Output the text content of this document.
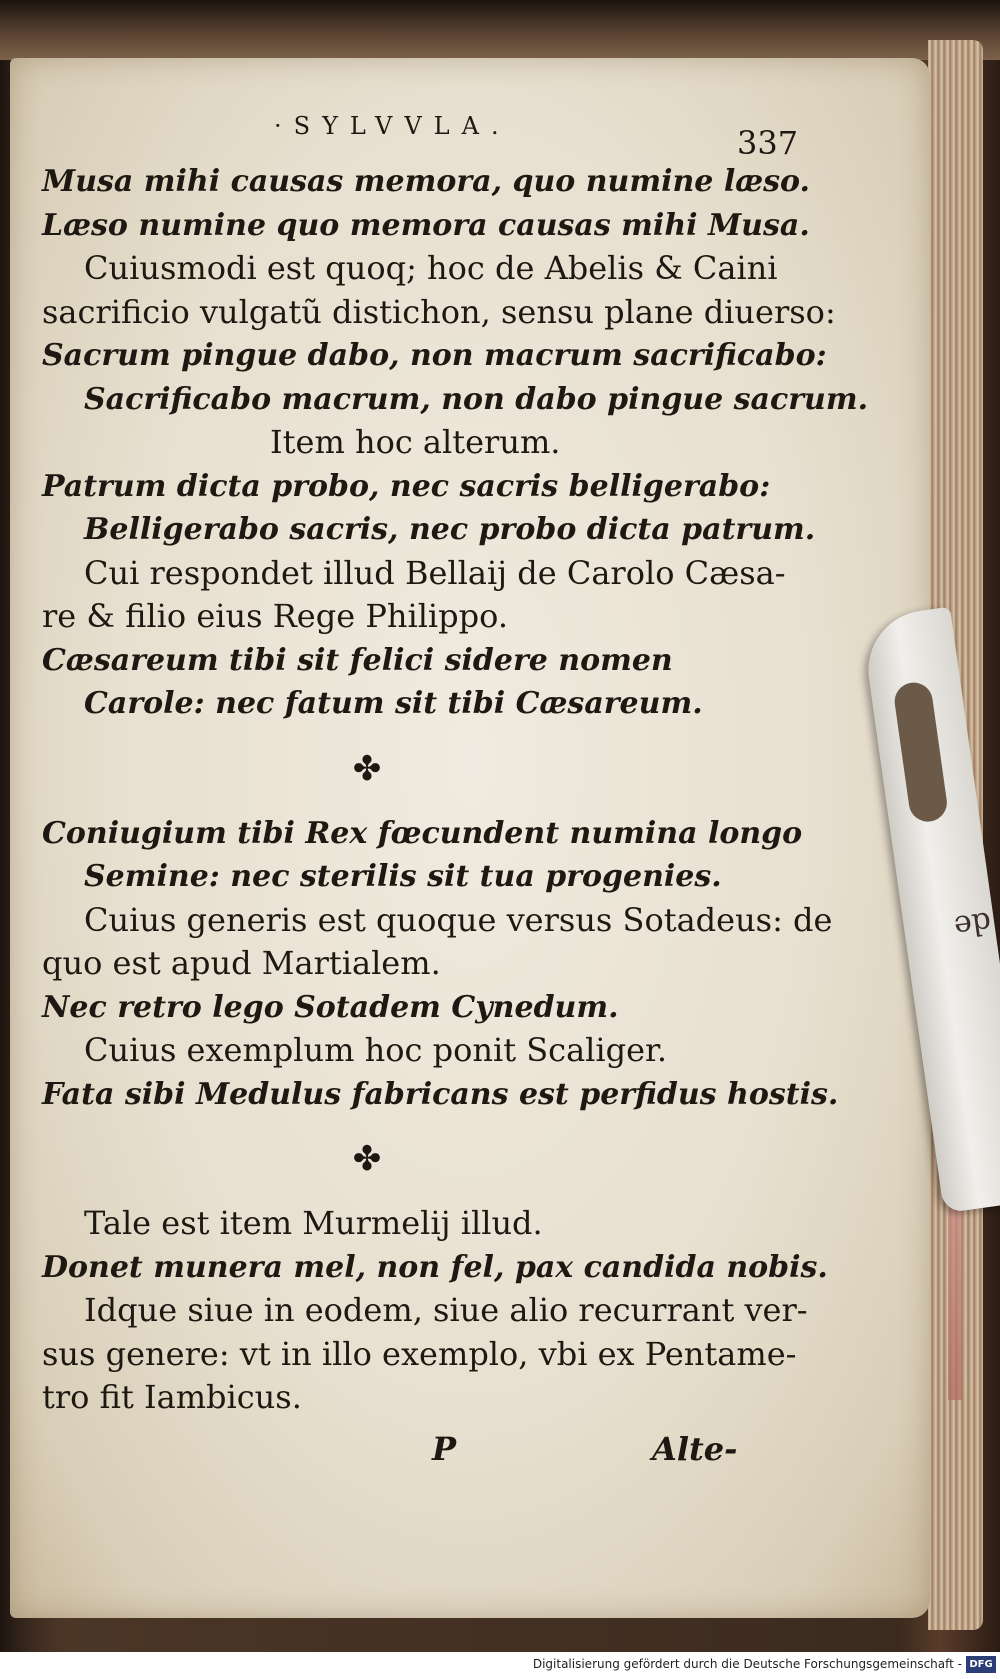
de
·SYLVVLA.	337
Musa mihi causas memora, quo numine læso.
Læso numine quo memora causas mihi Musa.
Cuiusmodi est quoq; hoc de Abelis & Caini
sacrificio vulgatũ distichon, sensu plane diuerso:
Sacrum pingue dabo, non macrum sacrificabo:
Sacrificabo macrum, non dabo pingue sacrum.
Item hoc alterum.
Patrum dicta probo, nec sacris belligerabo:
Belligerabo sacris, nec probo dicta patrum.
Cui respondet illud Bellaij de Carolo Cæsa-
re & filio eius Rege Philippo.
Cæsareum tibi sit felici sidere nomen
Carole: nec fatum sit tibi Cæsareum.
✤
Coniugium tibi Rex fœcundent numina longo
Semine: nec sterilis sit tua progenies.
Cuius generis est quoque versus Sotadeus: de
quo est apud Martialem.
Nec retro lego Sotadem Cynedum.
Cuius exemplum hoc ponit Scaliger.
Fata sibi Medulus fabricans est perfidus hostis.
✤
Tale est item Murmelij illud.
Donet munera mel, non fel, pax candida nobis.
Idque siue in eodem, siue alio recurrant ver-
sus genere: vt in illo exemplo, vbi ex Pentame-
tro fit Iambicus.
P	Alte-
Digitalisierung gefördert durch die Deutsche Forschungsgemeinschaft - DFG
